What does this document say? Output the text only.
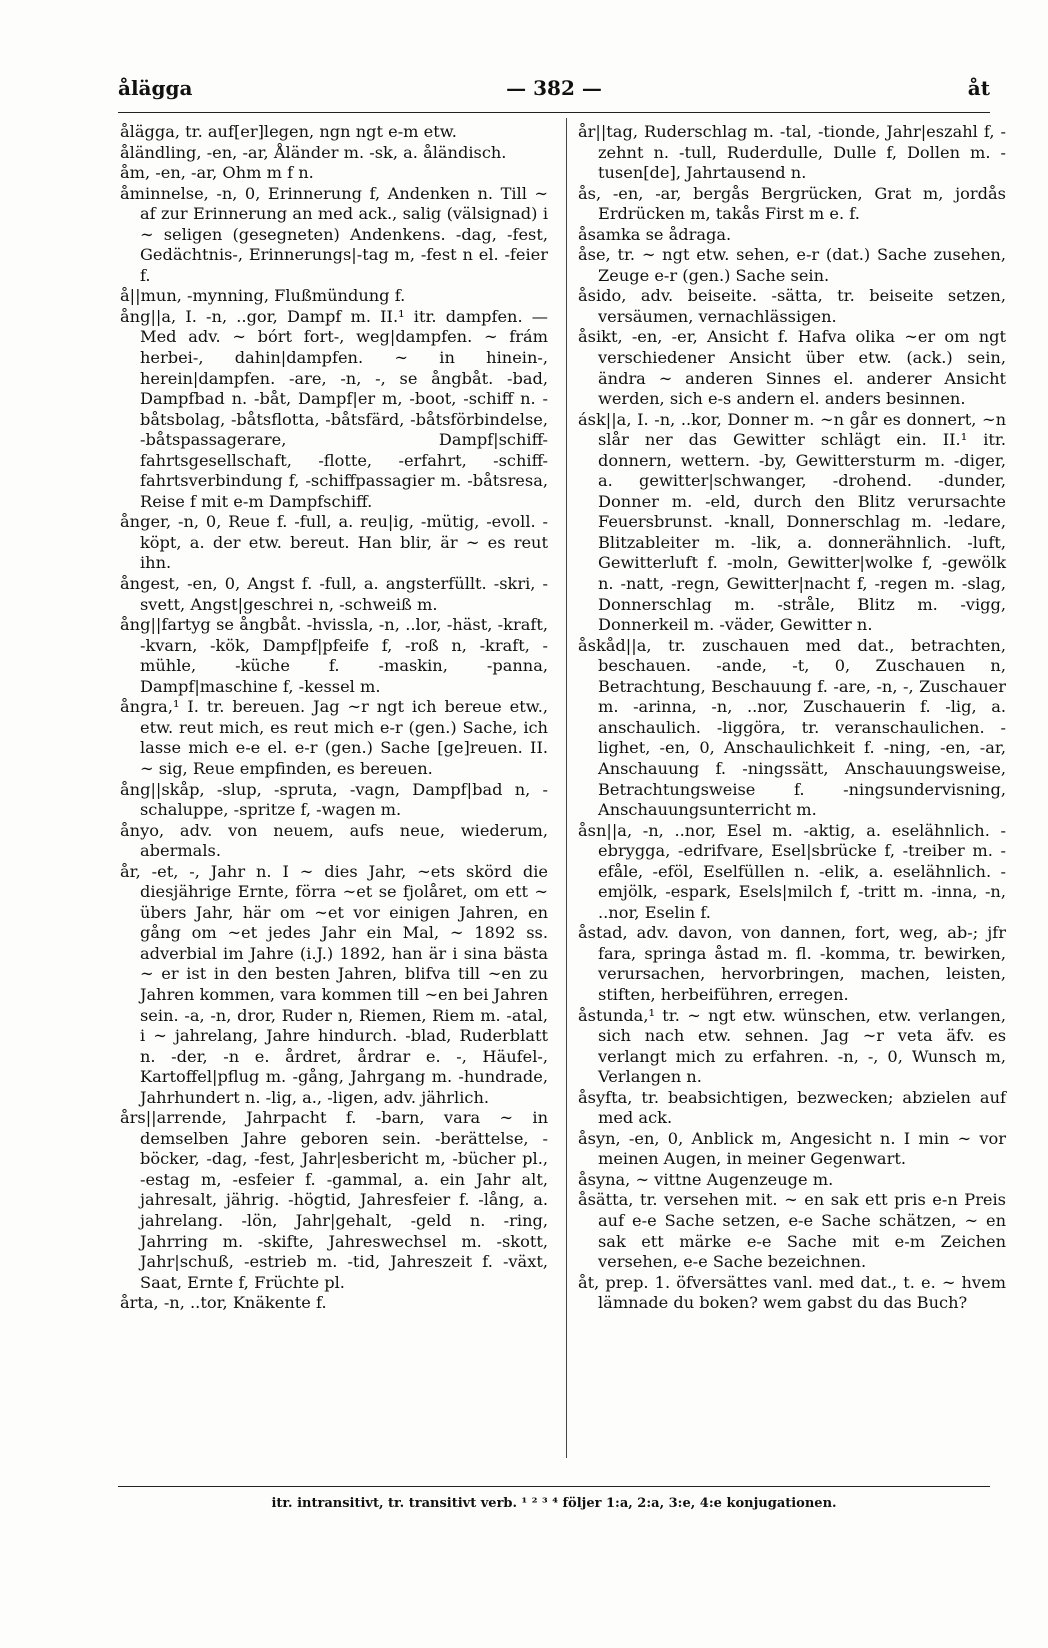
ålägga	— 382 —	åt

ålägga, tr. auf[er]legen, ngn ngt e-m etw.

åländling, -en, -ar, Åländer m. -sk, a. åländisch.

åm, -en, -ar, Ohm m f n.

åminnelse, -n, 0, Erinnerung f, Andenken n. Till ∼ af zur Erinnerung an med ack., salig (välsignad) i ∼ seligen (gesegneten) Andenkens. -dag, -fest, Gedächtnis-, Erinnerungs|-tag m, -fest n el. -feier f.

å||mun, -mynning, Flußmündung f.

ång||a, I. -n, ..gor, Dampf m. II.¹ itr. dampfen. — Med adv. ∼ bórt fort-, weg|dampfen. ∼ frám herbei-, dahin|dampfen. ∼ in hinein-, herein|dampfen. -are, -n, -, se ångbåt. -bad, Dampfbad n. -båt, Dampf|er m, -boot, -schiff n. -båtsbolag, -båtsflotta, -båtsfärd, -båtsförbindelse, -båtspassagerare, Dampf|schiff-fahrtsgesellschaft, -flotte, -erfahrt, -schiff-fahrtsverbindung f, -schiffpassagier m. -båtsresa, Reise f mit e-m Dampfschiff.

ånger, -n, 0, Reue f. -full, a. reu|ig, -mütig, -evoll. -köpt, a. der etw. bereut. Han blir, är ∼ es reut ihn.

ångest, -en, 0, Angst f. -full, a. angsterfüllt. -skri, -svett, Angst|geschrei n, -schweiß m.

ång||fartyg se ångbåt. -hvissla, -n, ..lor, -häst, -kraft, -kvarn, -kök, Dampf|pfeife f, -roß n, -kraft, -mühle, -küche f. -maskin, -panna, Dampf|maschine f, -kessel m.

ångra,¹ I. tr. bereuen. Jag ∼r ngt ich bereue etw., etw. reut mich, es reut mich e-r (gen.) Sache, ich lasse mich e-e el. e-r (gen.) Sache [ge]reuen. II. ∼ sig, Reue empfinden, es bereuen.

ång||skåp, -slup, -spruta, -vagn, Dampf|bad n, -schaluppe, -spritze f, -wagen m.

ånyo, adv. von neuem, aufs neue, wiederum, abermals.

år, -et, -, Jahr n. I ∼ dies Jahr, ∼ets skörd die diesjährige Ernte, förra ∼et se fjolåret, om ett ∼ übers Jahr, här om ∼et vor einigen Jahren, en gång om ∼et jedes Jahr ein Mal, ∼ 1892 ss. adverbial im Jahre (i.J.) 1892, han är i sina bästa ∼ er ist in den besten Jahren, blifva till ∼en zu Jahren kommen, vara kommen till ∼en bei Jahren sein. -a, -n, dror, Ruder n, Riemen, Riem m. -atal, i ∼ jahrelang, Jahre hindurch. -blad, Ruderblatt n. -der, -n e. årdret, årdrar e. -, Häufel-, Kartoffel|pflug m. -gång, Jahrgang m. -hundrade, Jahrhundert n. -lig, a., -ligen, adv. jährlich.

års||arrende, Jahrpacht f. -barn, vara ∼ in demselben Jahre geboren sein. -berättelse, -böcker, -dag, -fest, Jahr|esbericht m, -bücher pl., -estag m, -esfeier f. -gammal, a. ein Jahr alt, jahresalt, jährig. -högtid, Jahresfeier f. -lång, a. jahrelang. -lön, Jahr|gehalt, -geld n. -ring, Jahrring m. -skifte, Jahreswechsel m. -skott, Jahr|schuß, -estrieb m. -tid, Jahreszeit f. -växt, Saat, Ernte f, Früchte pl.

årta, -n, ..tor, Knäkente f.

år||tag, Ruderschlag m. -tal, -tionde, Jahr|eszahl f, -zehnt n. -tull, Ruderdulle, Dulle f, Dollen m. -tusen[de], Jahrtausend n.

ås, -en, -ar, bergås Bergrücken, Grat m, jordås Erdrücken m, takås First m e. f.

åsamka se ådraga.

åse, tr. ∼ ngt etw. sehen, e-r (dat.) Sache zusehen, Zeuge e-r (gen.) Sache sein.

åsido, adv. beiseite. -sätta, tr. beiseite setzen, versäumen, vernachlässigen.

åsikt, -en, -er, Ansicht f. Hafva olika ∼er om ngt verschiedener Ansicht über etw. (ack.) sein, ändra ∼ anderen Sinnes el. anderer Ansicht werden, sich e-s andern el. anders besinnen.

ásk||a, I. -n, ..kor, Donner m. ∼n går es donnert, ∼n slår ner das Gewitter schlägt ein. II.¹ itr. donnern, wettern. -by, Gewittersturm m. -diger, a. gewitter|schwanger, -drohend. -dunder, Donner m. -eld, durch den Blitz verursachte Feuersbrunst. -knall, Donnerschlag m. -ledare, Blitzableiter m. -lik, a. donnerähnlich. -luft, Gewitterluft f. -moln, Gewitter|wolke f, -gewölk n. -natt, -regn, Gewitter|nacht f, -regen m. -slag, Donnerschlag m. -stråle, Blitz m. -vigg, Donnerkeil m. -väder, Gewitter n.

åskåd||a, tr. zuschauen med dat., betrachten, beschauen. -ande, -t, 0, Zuschauen n, Betrachtung, Beschauung f. -are, -n, -, Zuschauer m. -arinna, -n, ..nor, Zuschauerin f. -lig, a. anschaulich. -liggöra, tr. veranschaulichen. -lighet, -en, 0, Anschaulichkeit f. -ning, -en, -ar, Anschauung f. -ningssätt, Anschauungsweise, Betrachtungsweise f. -ningsundervisning, Anschauungsunterricht m.

åsn||a, -n, ..nor, Esel m. -aktig, a. eselähnlich. -ebrygga, -edrifvare, Esel|sbrücke f, -treiber m. -efåle, -eföl, Eselfüllen n. -elik, a. eselähnlich. -emjölk, -espark, Esels|milch f, -tritt m. -inna, -n, ..nor, Eselin f.

åstad, adv. davon, von dannen, fort, weg, ab-; jfr fara, springa åstad m. fl. -komma, tr. bewirken, verursachen, hervorbringen, machen, leisten, stiften, herbeiführen, erregen.

åstunda,¹ tr. ∼ ngt etw. wünschen, etw. verlangen, sich nach etw. sehnen. Jag ∼r veta äfv. es verlangt mich zu erfahren. -n, -, 0, Wunsch m, Verlangen n.

åsyfta, tr. beabsichtigen, bezwecken; abzielen auf med ack.

åsyn, -en, 0, Anblick m, Angesicht n. I min ∼ vor meinen Augen, in meiner Gegenwart.

åsyna, ∼ vittne Augenzeuge m.

åsätta, tr. versehen mit. ∼ en sak ett pris e-n Preis auf e-e Sache setzen, e-e Sache schätzen, ∼ en sak ett märke e-e Sache mit e-m Zeichen versehen, e-e Sache bezeichnen.

åt, prep. 1. öfversättes vanl. med dat., t. e. ∼ hvem lämnade du boken? wem gabst du das Buch?

itr. intransitivt, tr. transitivt verb. ¹ ² ³ ⁴ följer 1:a, 2:a, 3:e, 4:e konjugationen.
